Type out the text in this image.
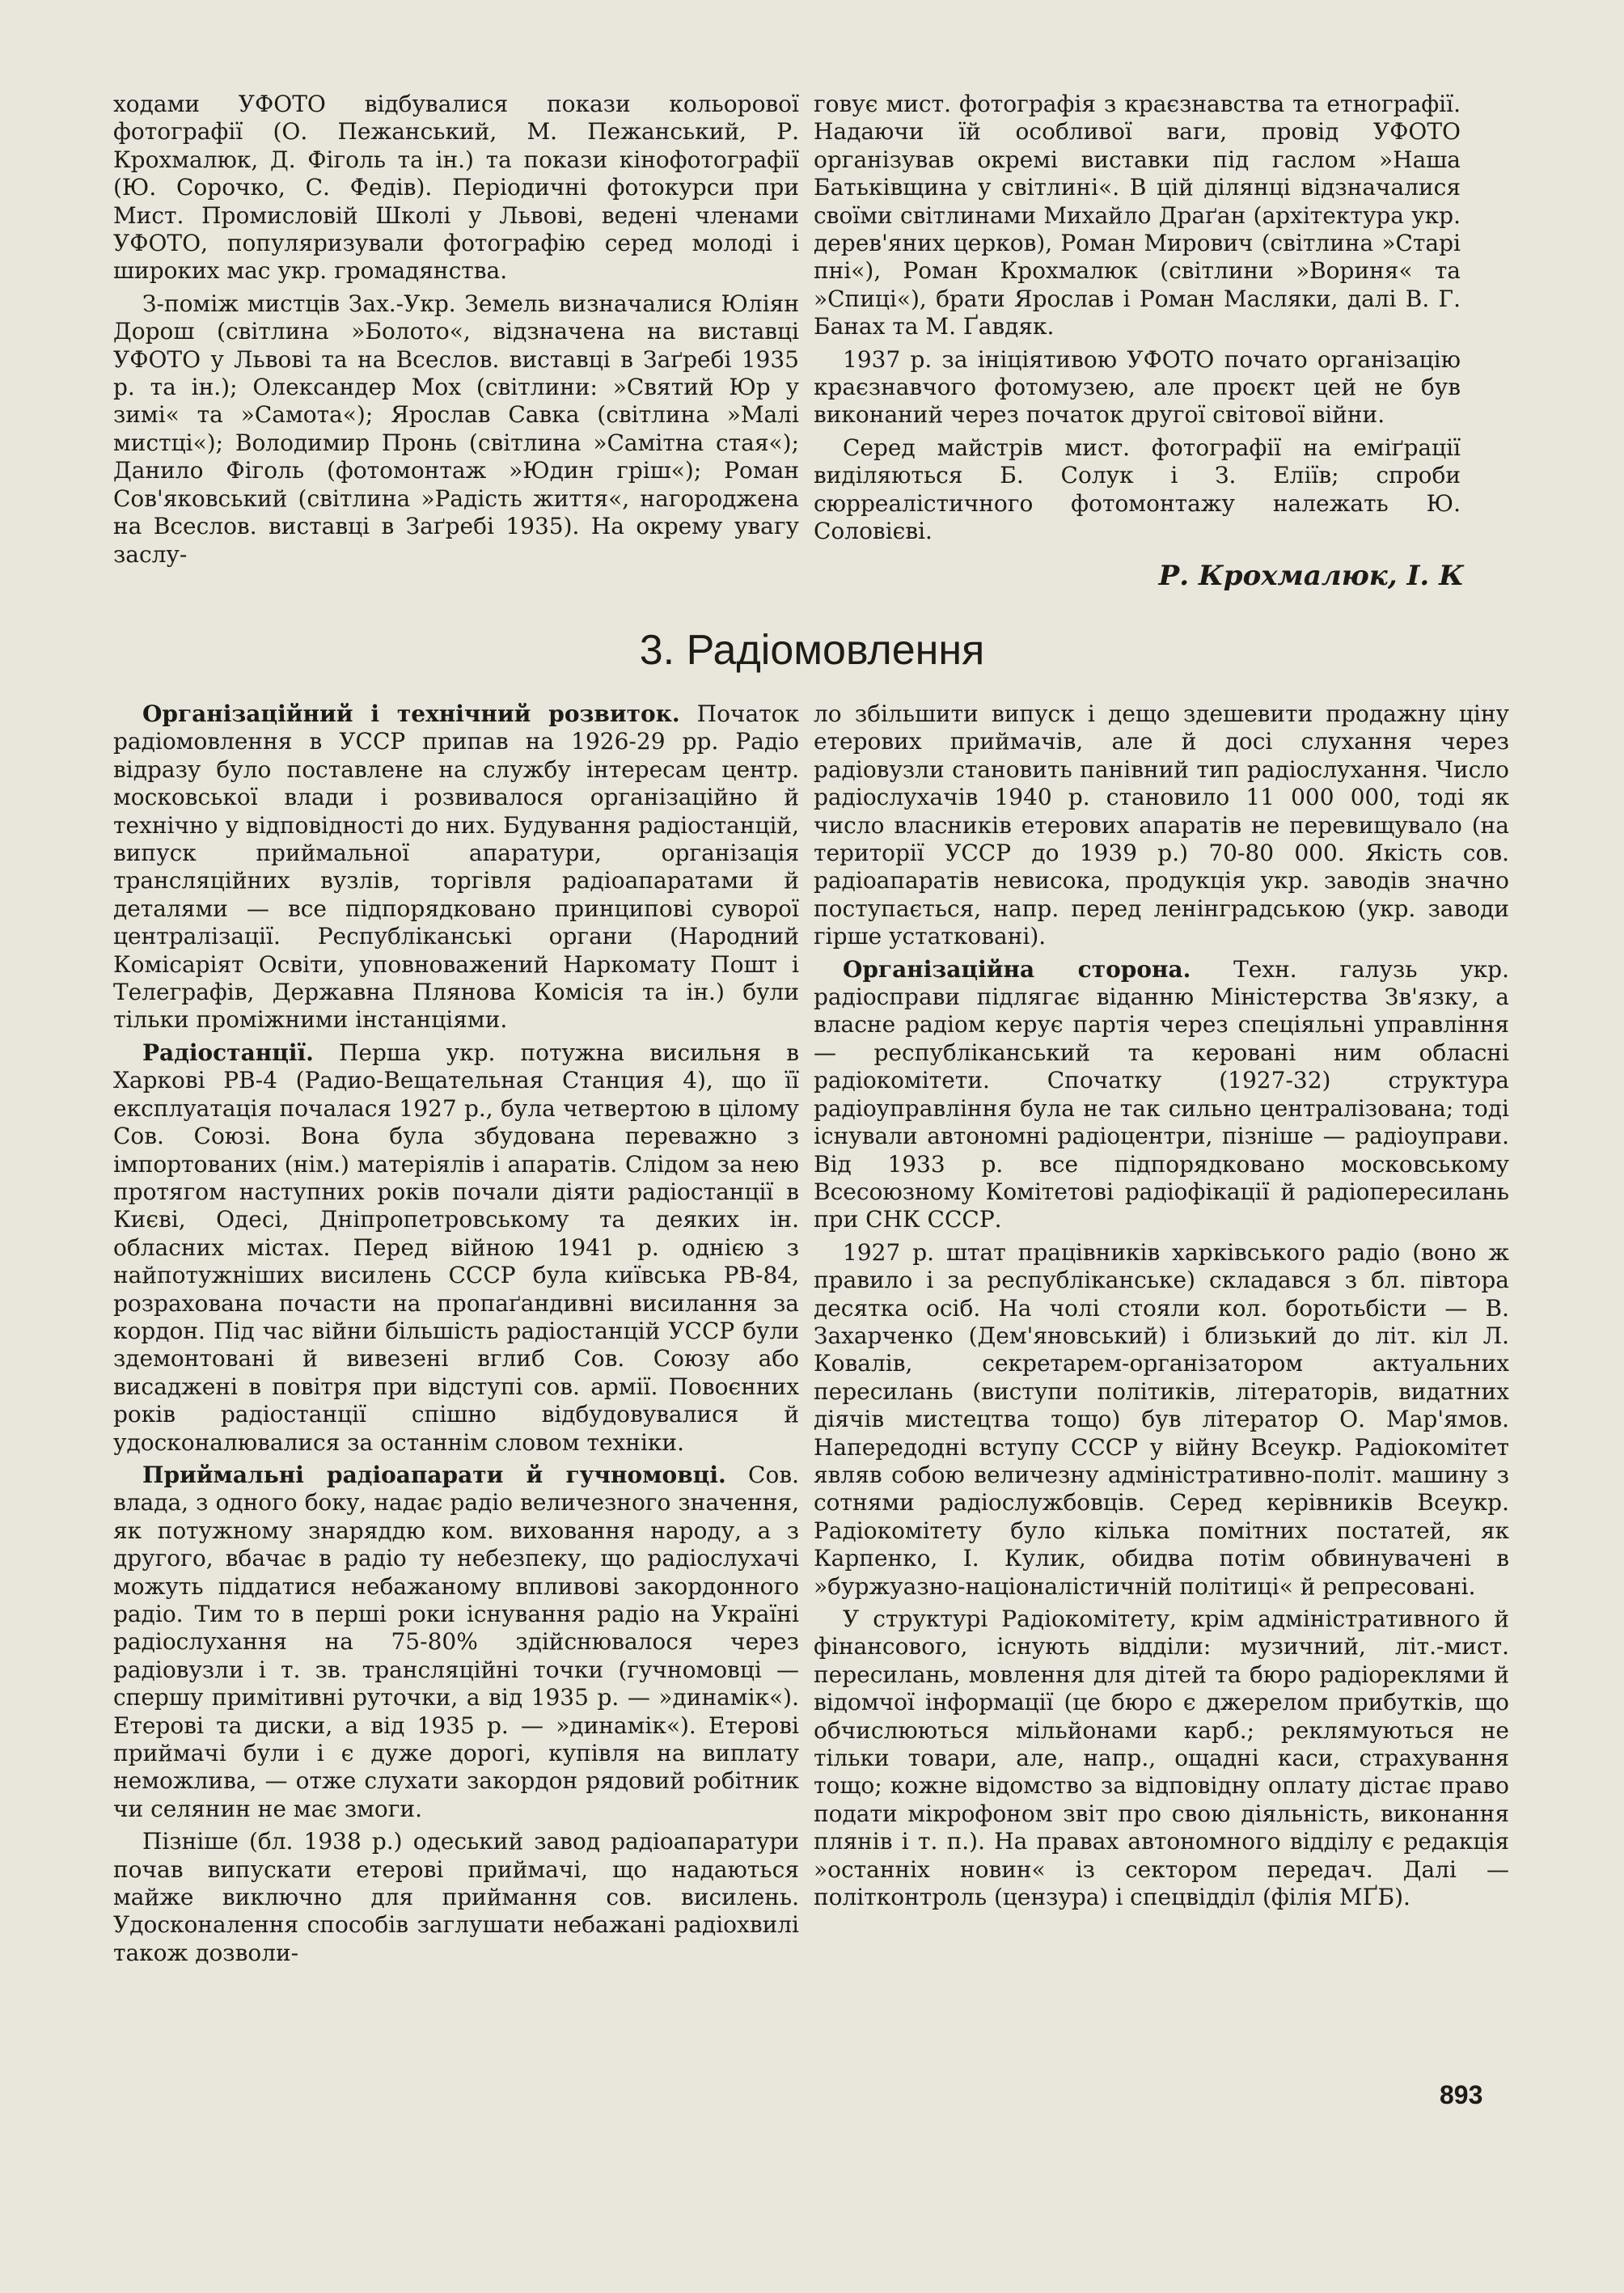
ходами УФОТО відбувалися покази кольорової фотографії (О. Пежанський, М. Пежанський, Р. Крохмалюк, Д. Фіголь та ін.) та покази кінофотографії (Ю. Сорочко, С. Федів). Періодичні фотокурси при Мист. Промисловій Школі у Львові, ведені членами УФОТО, популяризували фотографію серед молоді і широких мас укр. громадянства.

З-поміж мистців Зах.-Укр. Земель визначалися Юліян Дорош (світлина »Болото«, відзначена на виставці УФОТО у Львові та на Всеслов. виставці в Заґребі 1935 р. та ін.); Олександер Мох (світлини: »Святий Юр у зимі« та »Самота«); Ярослав Савка (світлина »Малі мистці«); Володимир Пронь (світлина »Самітна стая«); Данило Фіголь (фотомонтаж »Юдин гріш«); Роман Сов'яковський (світлина »Радість життя«, нагороджена на Всеслов. виставці в Заґребі 1935). На окрему увагу заслу-

говує мист. фотографія з краєзнавства та етнографії. Надаючи їй особливої ваги, провід УФОТО організував окремі виставки під гаслом »Наша Батьківщина у світлині«. В цій ділянці відзначалися своїми світлинами Михайло Драґан (архітектура укр. дерев'яних церков), Роман Мирович (світлина »Старі пні«), Роман Крохмалюк (світлини »Вориня« та »Спиці«), брати Ярослав і Роман Масляки, далі В. Г. Банах та М. Ґавдяк.

1937 р. за ініціятивою УФОТО почато організацію краєзнавчого фотомузею, але проєкт цей не був виконаний через початок другої світової війни.

Серед майстрів мист. фотографії на еміґрації виділяються Б. Солук і З. Еліїв; спроби сюрреалістичного фотомонтажу належать Ю. Соловієві.

Р. Крохмалюк, І. К
3. Радіомовлення

Організаційний і технічний розвиток. Початок радіомовлення в УССР припав на 1926-29 рр. Радіо відразу було поставлене на службу інтересам центр. московської влади і розвивалося організаційно й технічно у відповідності до них. Будування радіостанцій, випуск приймальної апаратури, організація трансляційних вузлів, торгівля радіоапаратами й деталями — все підпорядковано принципові суворої централізації. Республіканські органи (Народний Комісаріят Освіти, уповноважений Наркомату Пошт і Телеграфів, Державна Плянова Комісія та ін.) були тільки проміжними інстанціями.

Радіостанції. Перша укр. потужна висильня в Харкові РВ-4 (Радио-Вещательная Станция 4), що її експлуатація почалася 1927 р., була четвертою в цілому Сов. Союзі. Вона була збудована переважно з імпортованих (нім.) матеріялів і апаратів. Слідом за нею протягом наступних років почали діяти радіостанції в Києві, Одесі, Дніпропетровському та деяких ін. обласних містах. Перед війною 1941 р. однією з найпотужніших висилень СССР була київська РВ-84, розрахована почасти на пропаґандивні висилання за кордон. Під час війни більшість радіостанцій УССР були здемонтовані й вивезені вглиб Сов. Союзу або висаджені в повітря при відступі сов. армії. Повоєнних років радіостанції спішно відбудовувалися й удосконалювалися за останнім словом техніки.

Приймальні радіоапарати й гучномовці. Сов. влада, з одного боку, надає радіо величезного значення, як потужному знаряддю ком. виховання народу, а з другого, вбачає в радіо ту небезпеку, що радіослухачі можуть піддатися небажаному впливові закордонного радіо. Тим то в перші роки існування радіо на Україні радіослухання на 75-80% здійснювалося через радіовузли і т. зв. трансляційні точки (гучномовці — спершу примітивні руточки, а від 1935 р. — »динамік«). Етерові та диски, а від 1935 р. — »динамік«). Етерові приймачі були і є дуже дорогі, купівля на виплату неможлива, — отже слухати закордон рядовий робітник чи селянин не має змоги.

Пізніше (бл. 1938 р.) одеський завод радіоапаратури почав випускати етерові приймачі, що надаються майже виключно для приймання сов. висилень. Удосконалення способів заглушати небажані радіохвилі також дозволи-

ло збільшити випуск і дещо здешевити продажну ціну етерових приймачів, але й досі слухання через радіовузли становить панівний тип радіослухання. Число радіослухачів 1940 р. становило 11 000 000, тоді як число власників етерових апаратів не перевищувало (на території УССР до 1939 р.) 70-80 000. Якість сов. радіоапаратів невисока, продукція укр. заводів значно поступається, напр. перед ленінградською (укр. заводи гірше устатковані).

Організаційна сторона. Техн. галузь укр. радіосправи підлягає віданню Міністерства Зв'язку, а власне радіом керує партія через спеціяльні управління — республіканський та керовані ним обласні радіокомітети. Спочатку (1927-32) структура радіоуправління була не так сильно централізована; тоді існували автономні радіоцентри, пізніше — радіоуправи. Від 1933 р. все підпорядковано московському Всесоюзному Комітетові радіофікації й радіопересилань при СНК СССР.

1927 р. штат працівників харківського радіо (воно ж правило і за республіканське) складався з бл. півтора десятка осіб. На чолі стояли кол. боротьбісти — В. Захарченко (Дем'яновський) і близький до літ. кіл Л. Ковалів, секретарем-організатором актуальних пересилань (виступи політиків, літераторів, видатних діячів мистецтва тощо) був літератор О. Мар'ямов. Напередодні вступу СССР у війну Всеукр. Радіокомітет являв собою величезну адміністративно-політ. машину з сотнями радіослужбовців. Серед керівників Всеукр. Радіокомітету було кілька помітних постатей, як Карпенко, І. Кулик, обидва потім обвинувачені в »буржуазно-націоналістичній політиці« й репресовані.

У структурі Радіокомітету, крім адміністративного й фінансового, існують відділи: музичний, літ.-мист. пересилань, мовлення для дітей та бюро радіореклями й відомчої інформації (це бюро є джерелом прибутків, що обчислюються мільйонами карб.; реклямуються не тільки товари, але, напр., ощадні каси, страхування тощо; кожне відомство за відповідну оплату дістає право подати мікрофоном звіт про свою діяльність, виконання плянів і т. п.). На правах автономного відділу є редакція »останніх новин« із сектором передач. Далі — політконтроль (цензура) і спецвідділ (філія МҐБ).

893
